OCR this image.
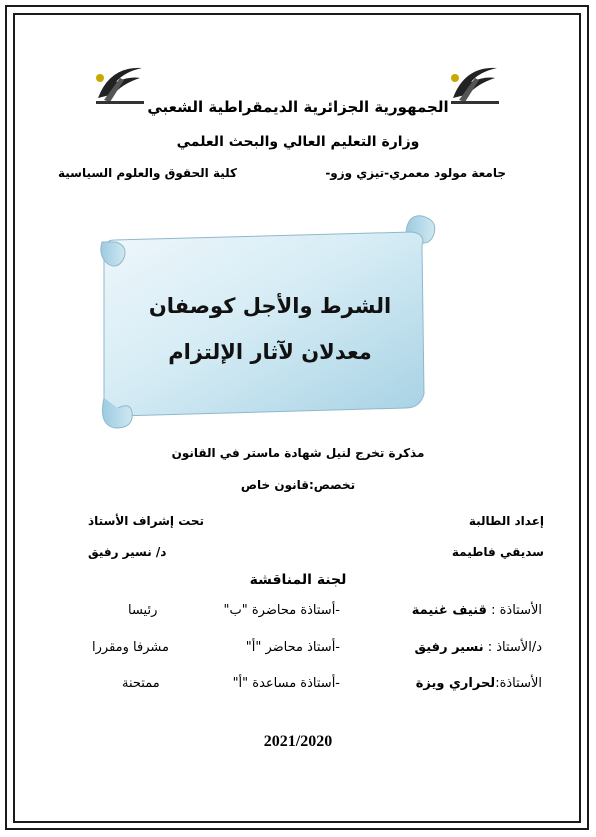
الجمهورية الجزائرية الديمقراطية الشعبي
وزارة التعليم العالي والبحث العلمي
جامعة مولود معمري-تيزي وزو-
كلية الحقوق والعلوم السياسية
الشرط والأجل كوصفان
معدلان لآثار الإلتزام
مذكرة تخرج لنيل شهادة ماستر في القانون
تخصص:قانون خاص
إعداد الطالبة
سديقي فاطيمة
تحت إشراف الأستاذ
د/ نسير رفيق
لجنة المناقشة
الأستاذة : قنيف غنيمة
-أستاذة محاضرة "ب"
رئيسا
د/الأستاذ : نسير رفيق
-أستاذ محاضر "أ"
مشرفا ومقررا
الأستاذة:لحراري ويزة
-أستاذة مساعدة "أ"
ممتحنة
2021/2020
